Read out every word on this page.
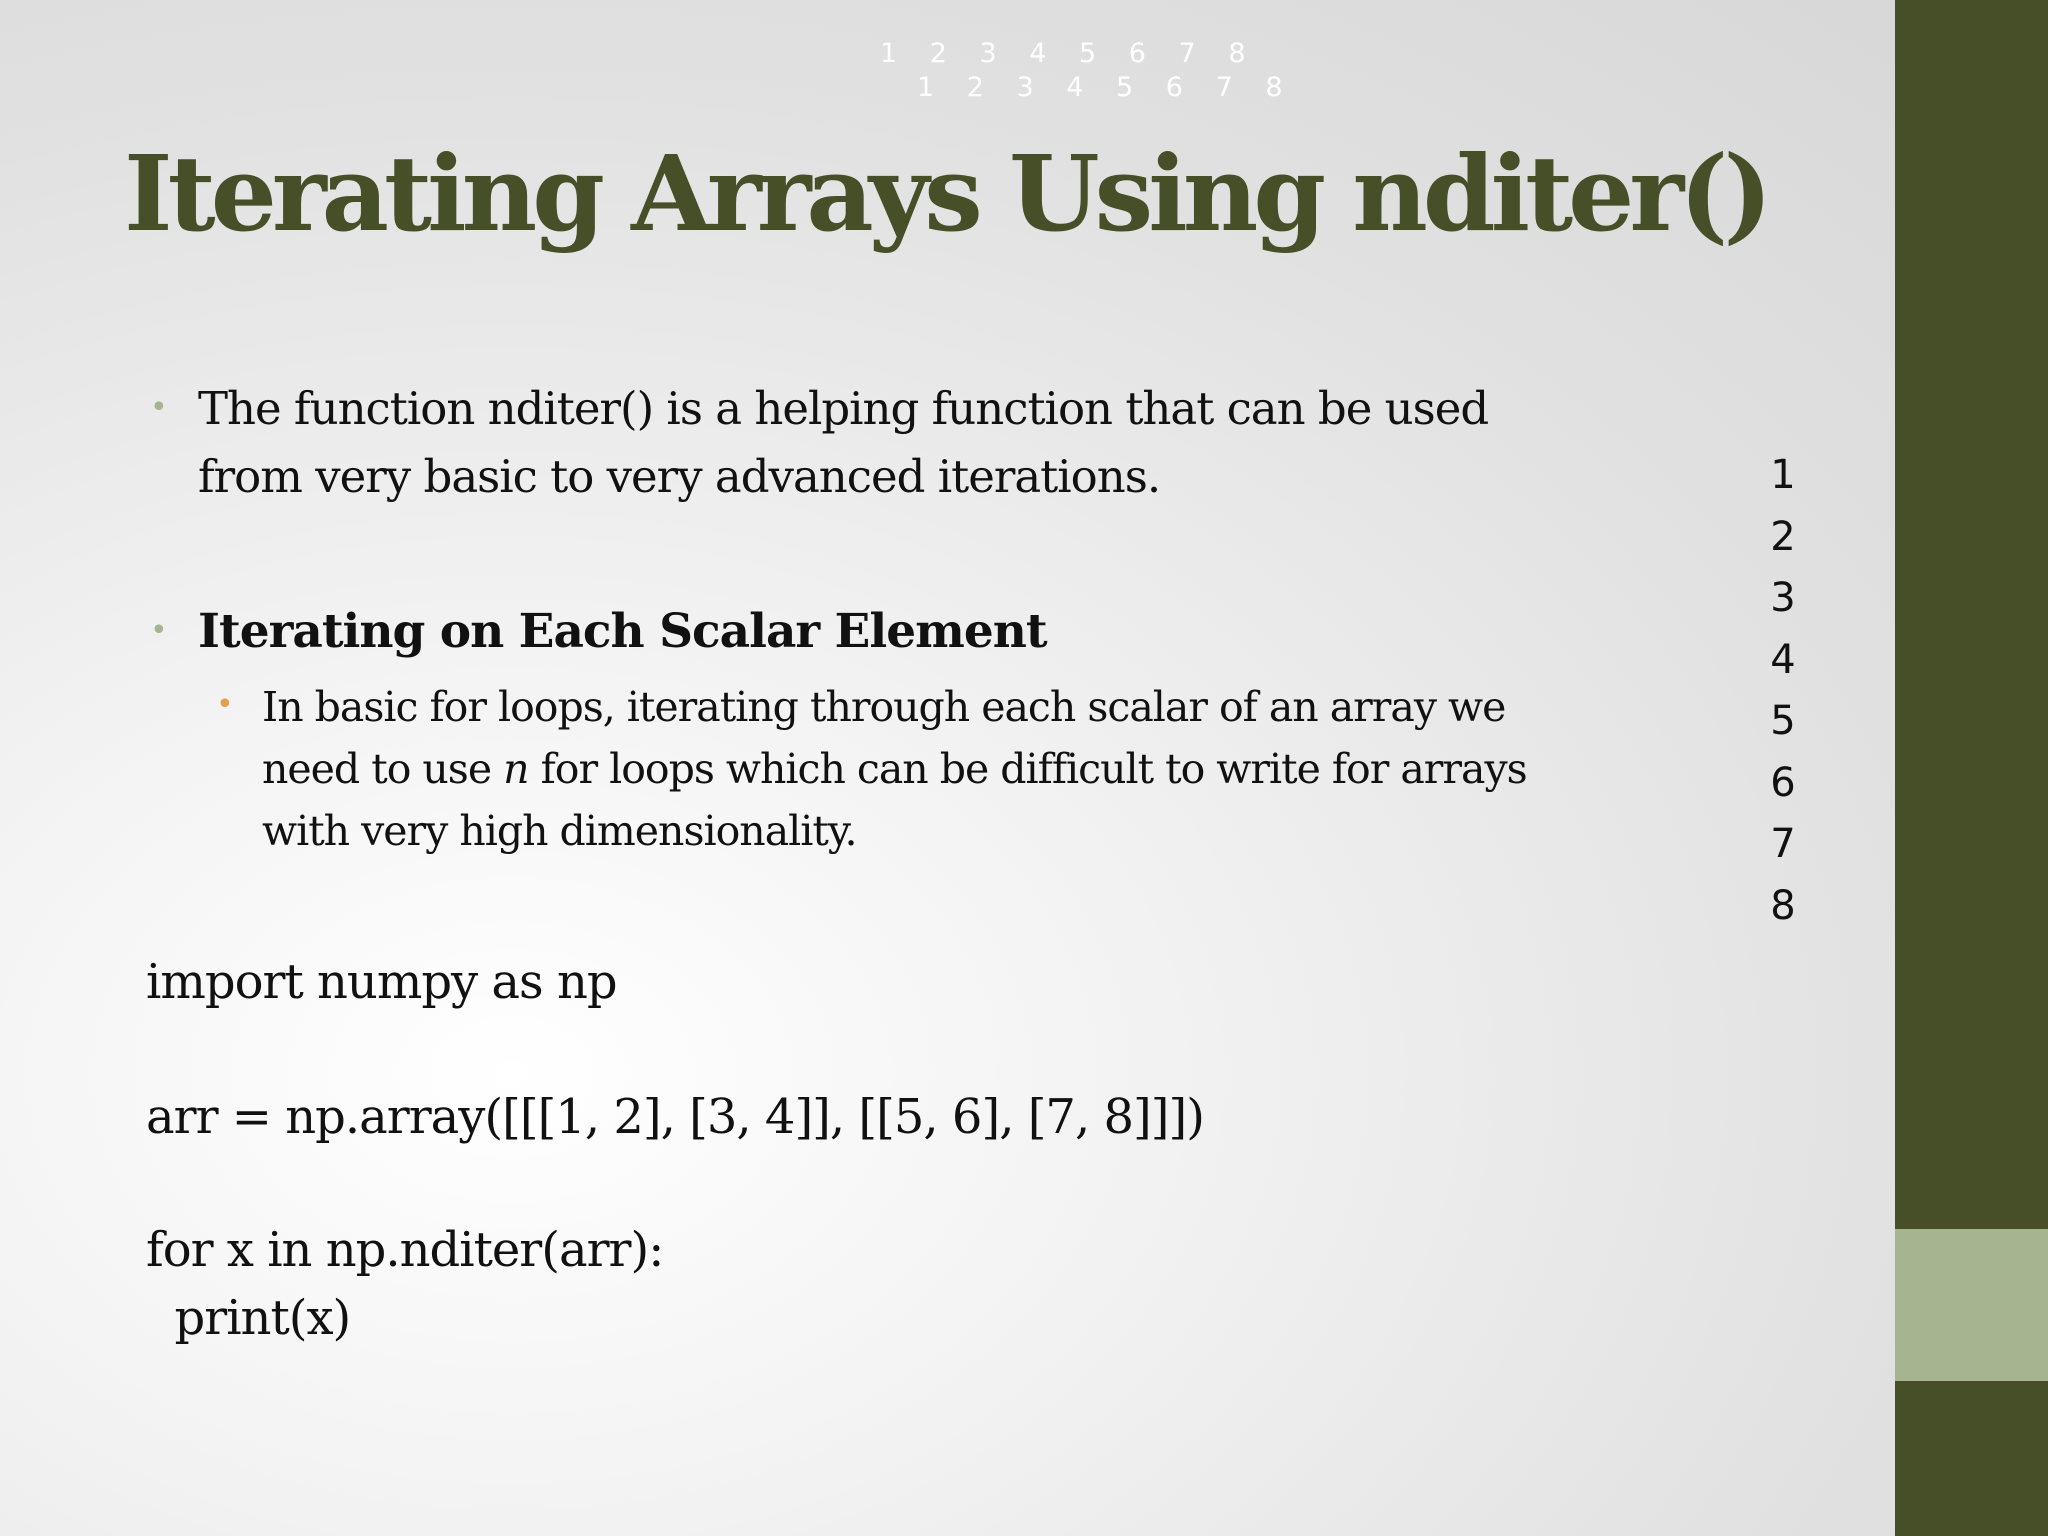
1 2 3 4 5 6 7 8
1 2 3 4 5 6 7 8
Iterating Arrays Using nditer()
• The function nditer() is a helping function that can be used from very basic to very advanced iterations.
• Iterating on Each Scalar Element
• In basic for loops, iterating through each scalar of an array we need to use n for loops which can be difficult to write for arrays with very high dimensionality.
import numpy as np
arr = np.array([[[1, 2], [3, 4]], [[5, 6], [7, 8]]])
for x in np.nditer(arr):
print(x)
1
2
3
4
5
6
7
8
